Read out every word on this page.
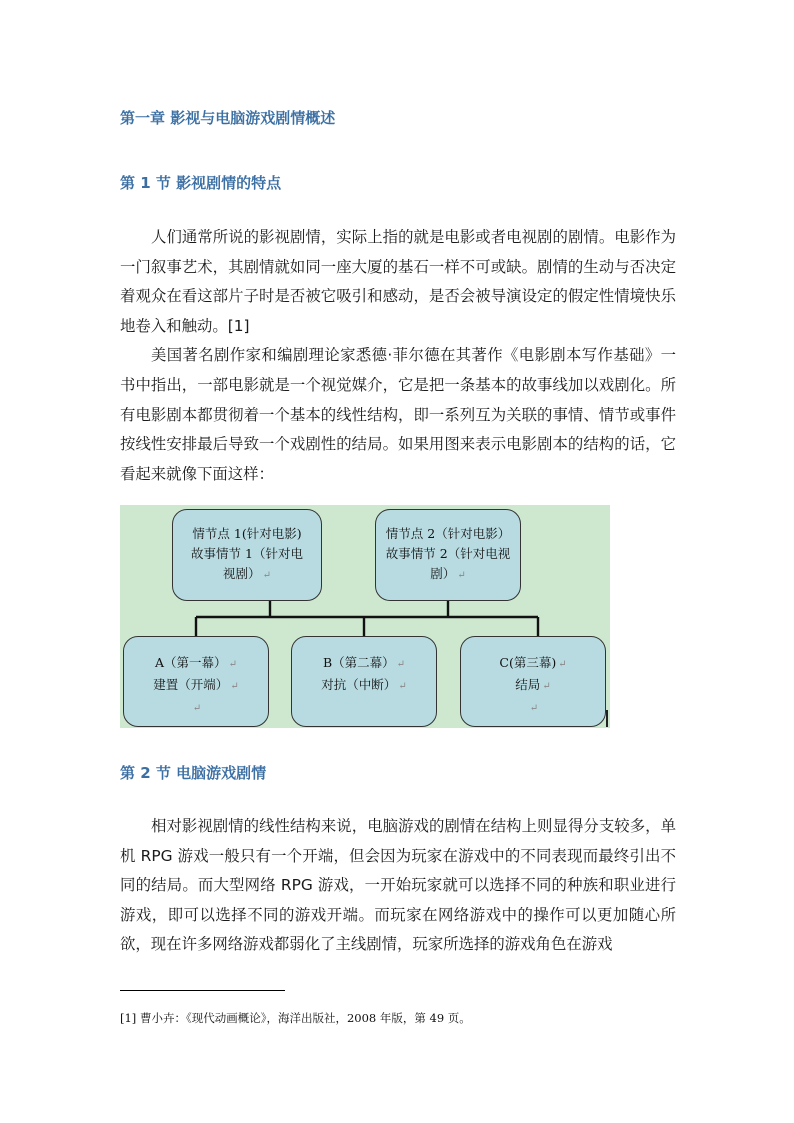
第一章 影视与电脑游戏剧情概述
第 1 节 影视剧情的特点

人们通常所说的影视剧情，实际上指的就是电影或者电视剧的剧情。电影作为一门叙事艺术，其剧情就如同一座大厦的基石一样不可或缺。剧情的生动与否决定着观众在看这部片子时是否被它吸引和感动，是否会被导演设定的假定性情境快乐地卷入和触动。[1]

美国著名剧作家和编剧理论家悉德·菲尔德在其著作《电影剧本写作基础》一书中指出，一部电影就是一个视觉媒介，它是把一条基本的故事线加以戏剧化。所有电影剧本都贯彻着一个基本的线性结构，即一系列互为关联的事情、情节或事件按线性安排最后导致一个戏剧性的结局。如果用图来表示电影剧本的结构的话，它看起来就像下面这样：

情节点 1(针对电影)
故事情节 1（针对电
视剧） ↵
情节点 2（针对电影）
故事情节 2（针对电视
剧） ↵
A（第一幕） ↵
建置（开端） ↵
↵
B（第二幕） ↵
对抗（中断） ↵
C(第三幕) ↵
结局 ↵
↵
第 2 节 电脑游戏剧情

相对影视剧情的线性结构来说，电脑游戏的剧情在结构上则显得分支较多，单机 RPG 游戏一般只有一个开端，但会因为玩家在游戏中的不同表现而最终引出不同的结局。而大型网络 RPG 游戏，一开始玩家就可以选择不同的种族和职业进行游戏，即可以选择不同的游戏开端。而玩家在网络游戏中的操作可以更加随心所欲，现在许多网络游戏都弱化了主线剧情，玩家所选择的游戏角色在游戏

[1] 曹小卉：《现代动画概论》，海洋出版社，2008 年版，第 49 页。
